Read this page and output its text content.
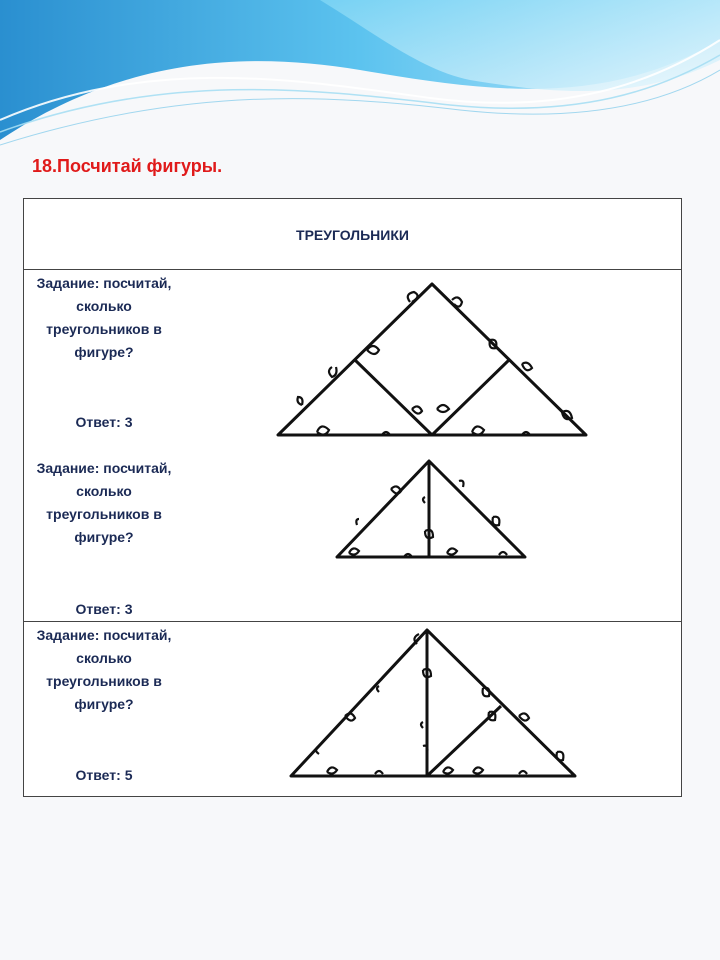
18.Посчитай фигуры.
ТРЕУГОЛЬНИКИ
Задание: посчитай, сколько треугольников в фигуре?
Ответ: 3
Задание: посчитай, сколько треугольников в фигуре?
Ответ: 3
Задание: посчитай, сколько треугольников в фигуре?
Ответ: 5
